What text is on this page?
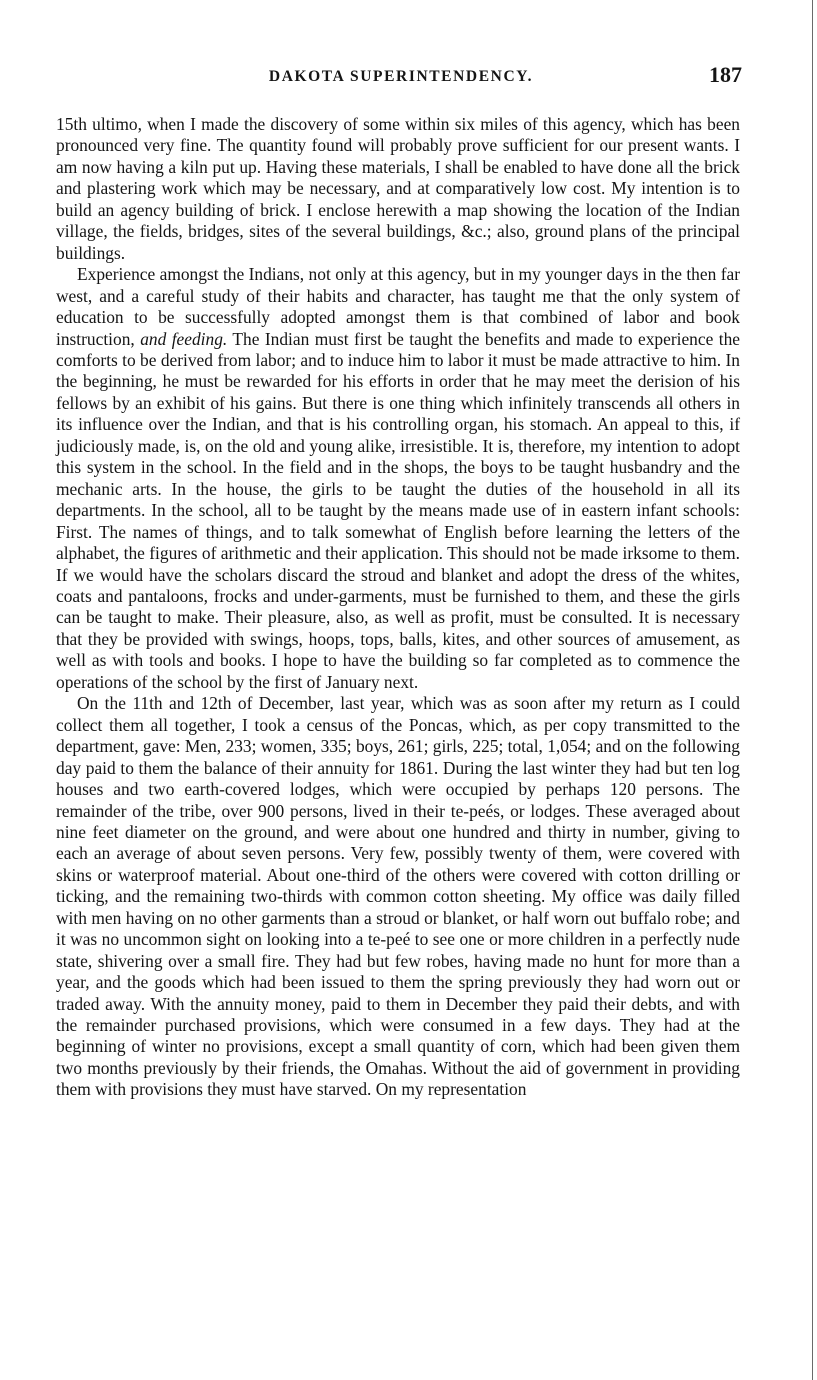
DAKOTA SUPERINTENDENCY.	187

15th ultimo, when I made the discovery of some within six miles of this agency, which has been pronounced very fine. The quantity found will probably prove sufficient for our present wants. I am now having a kiln put up. Having these materials, I shall be enabled to have done all the brick and plastering work which may be necessary, and at comparatively low cost. My intention is to build an agency building of brick. I enclose herewith a map showing the location of the Indian village, the fields, bridges, sites of the several buildings, &c.; also, ground plans of the principal buildings.

Experience amongst the Indians, not only at this agency, but in my younger days in the then far west, and a careful study of their habits and character, has taught me that the only system of education to be successfully adopted amongst them is that combined of labor and book instruction, and feeding. The Indian must first be taught the benefits and made to experience the comforts to be derived from labor; and to induce him to labor it must be made attractive to him. In the beginning, he must be rewarded for his efforts in order that he may meet the derision of his fellows by an exhibit of his gains. But there is one thing which infinitely transcends all others in its influence over the Indian, and that is his controlling organ, his stomach. An appeal to this, if judiciously made, is, on the old and young alike, irresistible. It is, therefore, my intention to adopt this system in the school. In the field and in the shops, the boys to be taught husbandry and the mechanic arts. In the house, the girls to be taught the duties of the household in all its departments. In the school, all to be taught by the means made use of in eastern infant schools: First. The names of things, and to talk somewhat of English before learning the letters of the alphabet, the figures of arithmetic and their application. This should not be made irksome to them. If we would have the scholars discard the stroud and blanket and adopt the dress of the whites, coats and pantaloons, frocks and under-garments, must be furnished to them, and these the girls can be taught to make. Their pleasure, also, as well as profit, must be consulted. It is necessary that they be provided with swings, hoops, tops, balls, kites, and other sources of amusement, as well as with tools and books. I hope to have the building so far completed as to commence the operations of the school by the first of January next.

On the 11th and 12th of December, last year, which was as soon after my return as I could collect them all together, I took a census of the Poncas, which, as per copy transmitted to the department, gave: Men, 233; women, 335; boys, 261; girls, 225; total, 1,054; and on the following day paid to them the balance of their annuity for 1861. During the last winter they had but ten log houses and two earth-covered lodges, which were occupied by perhaps 120 persons. The remainder of the tribe, over 900 persons, lived in their te-peés, or lodges. These averaged about nine feet diameter on the ground, and were about one hundred and thirty in number, giving to each an average of about seven persons. Very few, possibly twenty of them, were covered with skins or waterproof material. About one-third of the others were covered with cotton drilling or ticking, and the remaining two-thirds with common cotton sheeting. My office was daily filled with men having on no other garments than a stroud or blanket, or half worn out buffalo robe; and it was no uncommon sight on looking into a te-peé to see one or more children in a perfectly nude state, shivering over a small fire. They had but few robes, having made no hunt for more than a year, and the goods which had been issued to them the spring previously they had worn out or traded away. With the annuity money, paid to them in December they paid their debts, and with the remainder purchased provisions, which were consumed in a few days. They had at the beginning of winter no provisions, except a small quantity of corn, which had been given them two months previously by their friends, the Omahas. Without the aid of government in providing them with provisions they must have starved. On my representation
